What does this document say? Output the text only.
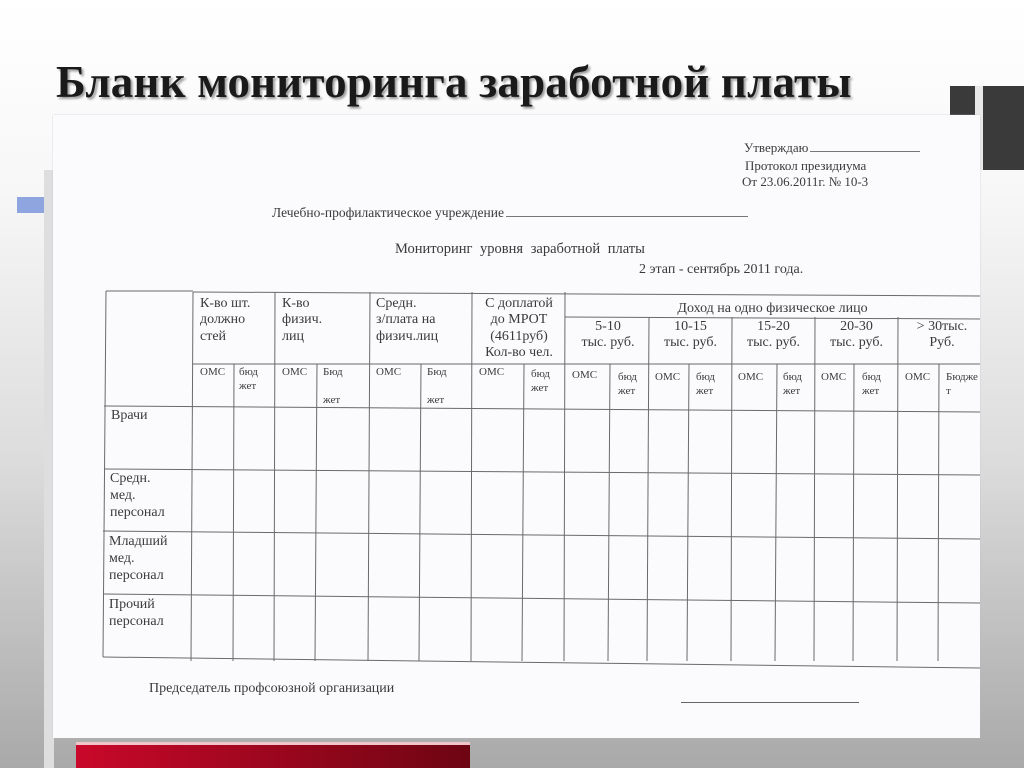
Бланк мониторинга заработной платы
Утверждаю
Протокол президиума
От 23.06.2011г. № 10-3
Лечебно-профилактическое учреждение
Мониторинг уровня заработной платы
2 этап - сентябрь 2011 года.
К-во шт.
должно
стей
К-во
физич.
лиц
Средн.
з/плата на
физич.лиц
С доплатой
до МРОТ
(4611руб)
Кол-во чел.
Доход на одно физическое лицо
5-10
тыс. руб.
10-15
тыс. руб.
15-20
тыс. руб.
20-30
тыс. руб.
> 30тыс.
Руб.
ОМС бюд
жет
ОМС Бюд

жет
ОМС Бюд

жет
ОМС бюд
жет
ОМС бюд
жет
ОМС бюд
жет
ОМС бюд
жет
ОМС бюд
жет
ОМС Бюдже
т
Врачи
Средн.
мед.
персонал
Младший
мед.
персонал
Прочий
персонал
Председатель профсоюзной организации
